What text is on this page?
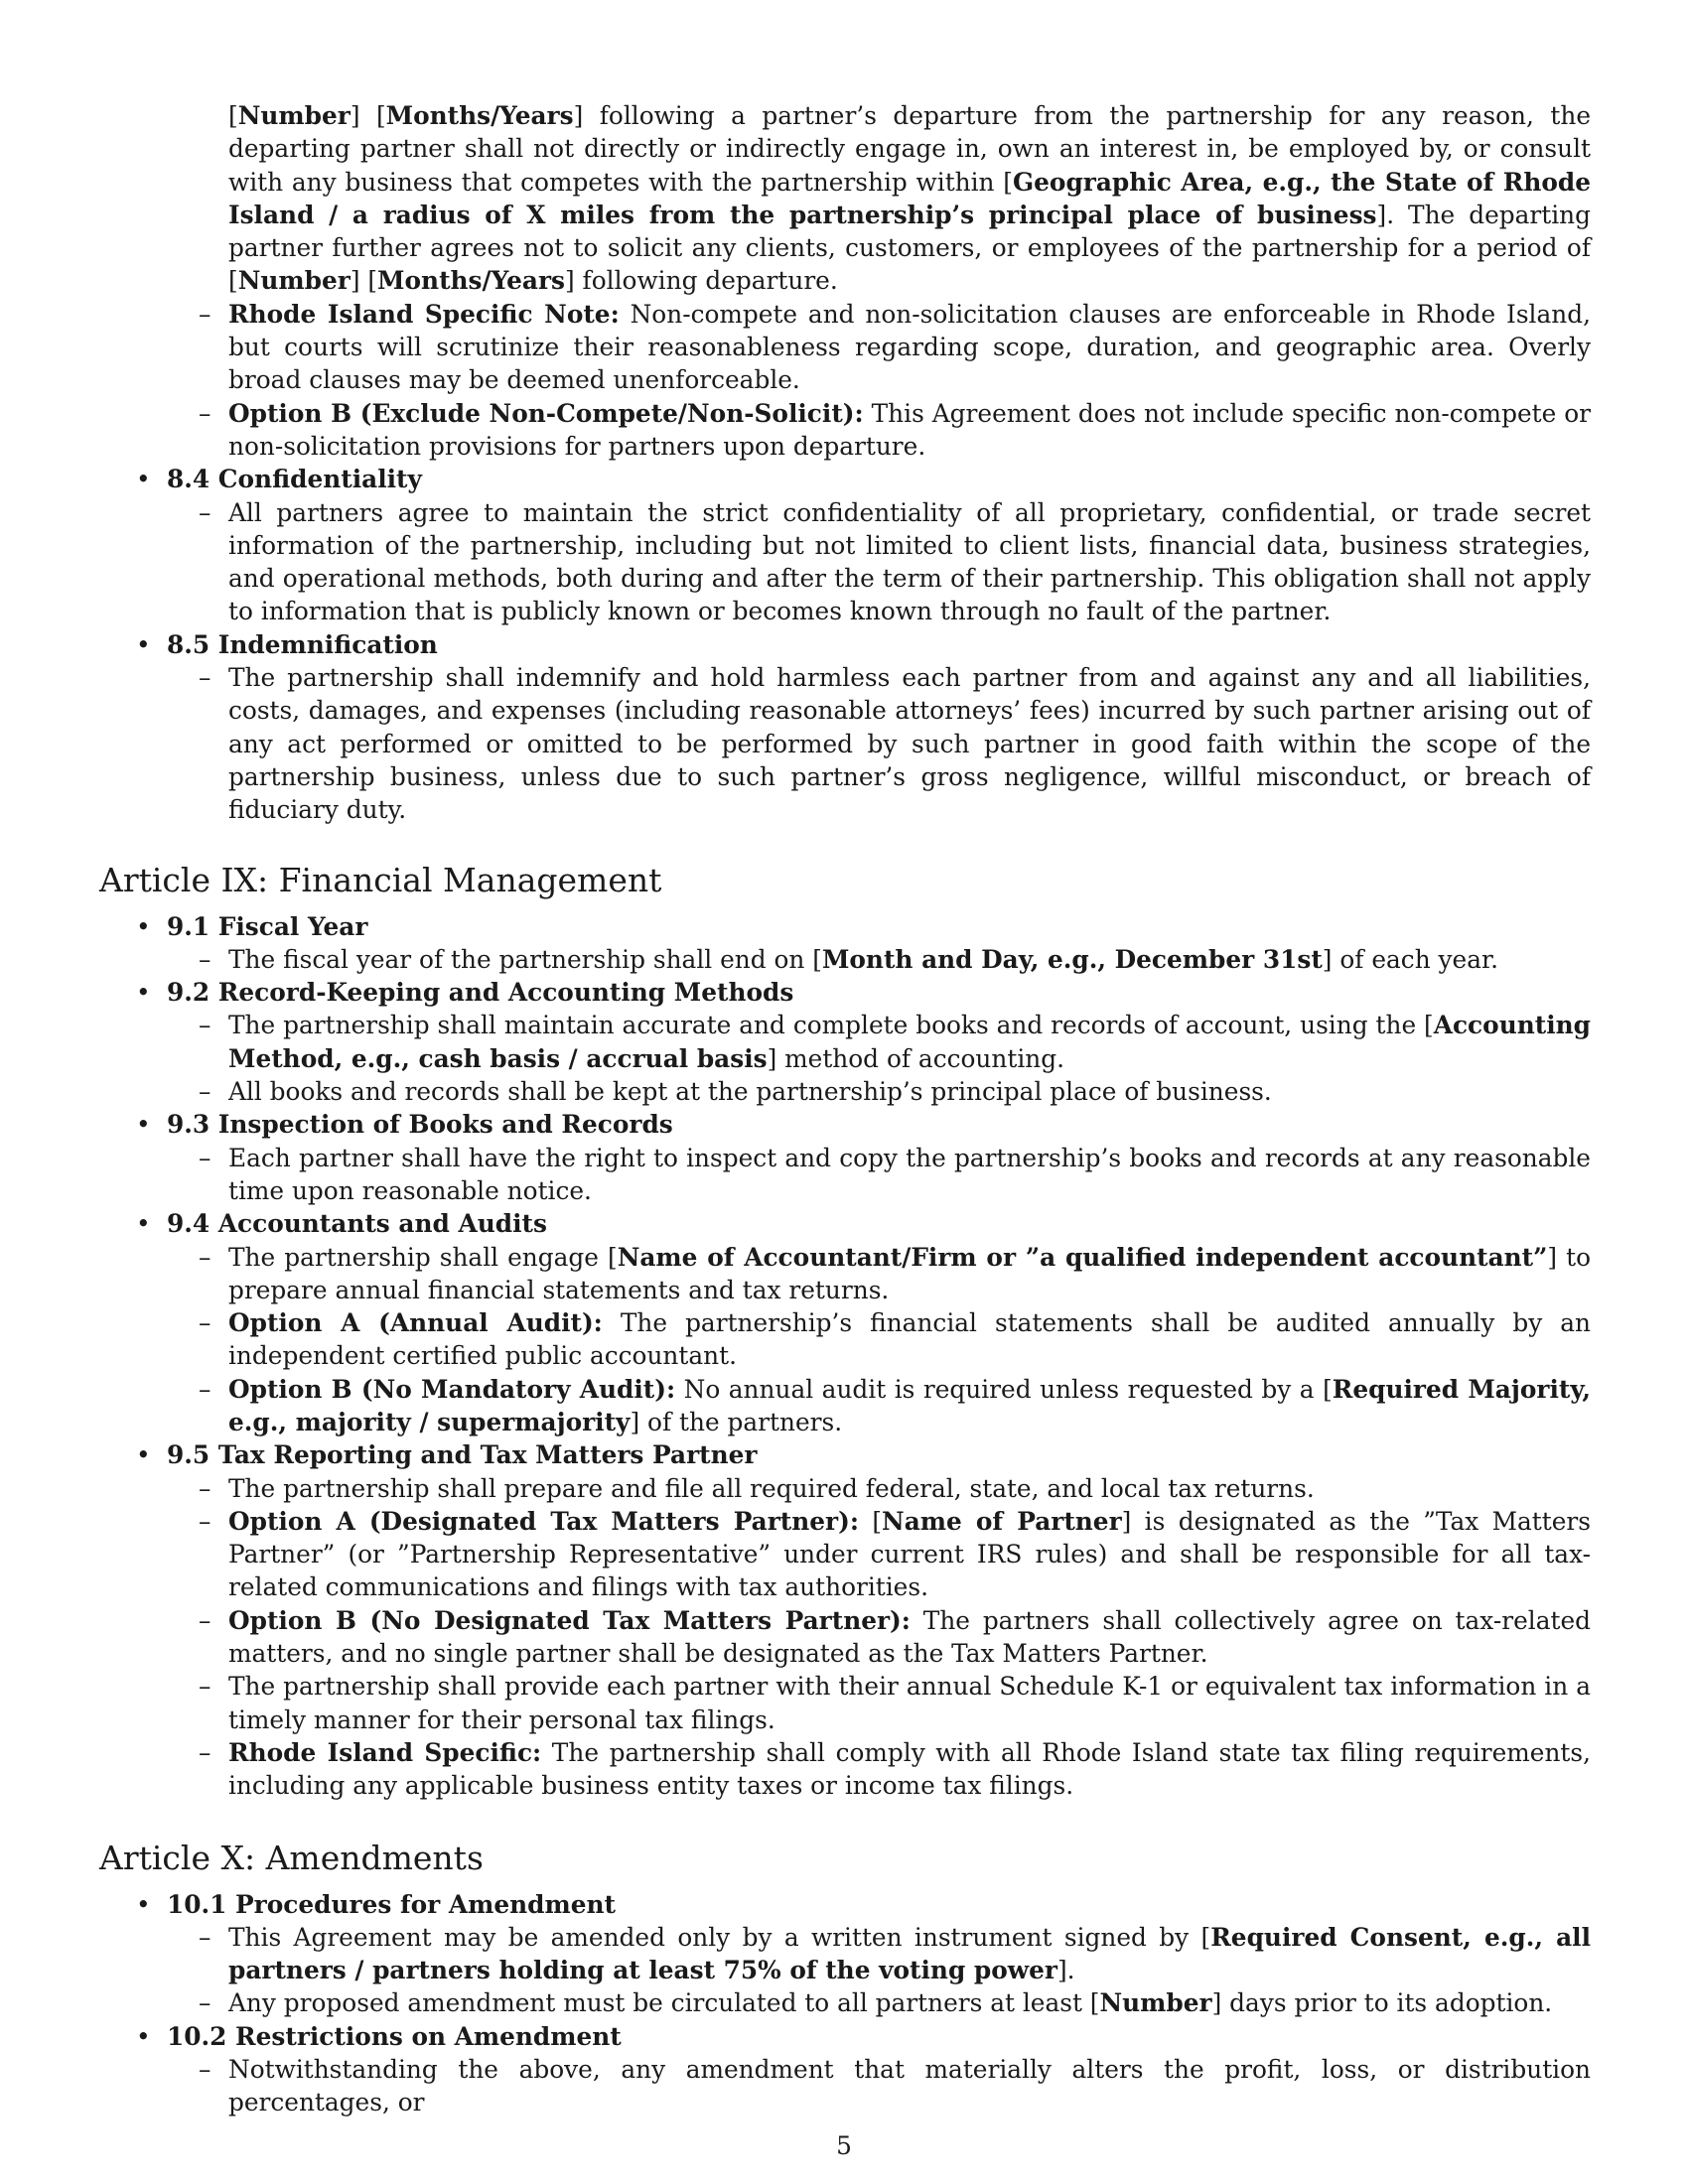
[Number] [Months/Years] following a partner’s departure from the partnership for any reason, the departing partner shall not directly or indirectly engage in, own an interest in, be employed by, or consult with any business that competes with the partnership within [Geographic Area, e.g., the State of Rhode Island / a radius of X miles from the partnership’s principal place of business]. The departing partner further agrees not to solicit any clients, customers, or employees of the partnership for a period of [Number] [Months/Years] following departure.
– Rhode Island Specific Note: Non-compete and non-solicitation clauses are enforceable in Rhode Island, but courts will scrutinize their reasonableness regarding scope, duration, and geographic area. Overly broad clauses may be deemed unenforceable.
– Option B (Exclude Non-Compete/Non-Solicit): This Agreement does not include specific non-compete or non-solicitation provisions for partners upon departure.
• 8.4 Confidentiality
– All partners agree to maintain the strict confidentiality of all proprietary, confidential, or trade secret information of the partnership, including but not limited to client lists, financial data, business strategies, and operational methods, both during and after the term of their partnership. This obligation shall not apply to information that is publicly known or becomes known through no fault of the partner.
• 8.5 Indemnification
– The partnership shall indemnify and hold harmless each partner from and against any and all liabilities, costs, damages, and expenses (including reasonable attorneys’ fees) incurred by such partner arising out of any act performed or omitted to be performed by such partner in good faith within the scope of the partnership business, unless due to such partner’s gross negligence, willful misconduct, or breach of fiduciary duty.
Article IX: Financial Management
• 9.1 Fiscal Year
– The fiscal year of the partnership shall end on [Month and Day, e.g., December 31st] of each year.
• 9.2 Record-Keeping and Accounting Methods
– The partnership shall maintain accurate and complete books and records of account, using the [Accounting Method, e.g., cash basis / accrual basis] method of accounting.
– All books and records shall be kept at the partnership’s principal place of business.
• 9.3 Inspection of Books and Records
– Each partner shall have the right to inspect and copy the partnership’s books and records at any reasonable time upon reasonable notice.
• 9.4 Accountants and Audits
– The partnership shall engage [Name of Accountant/Firm or ”a qualified independent accountant”] to prepare annual financial statements and tax returns.
– Option A (Annual Audit): The partnership’s financial statements shall be audited annually by an independent certified public accountant.
– Option B (No Mandatory Audit): No annual audit is required unless requested by a [Required Majority, e.g., majority / supermajority] of the partners.
• 9.5 Tax Reporting and Tax Matters Partner
– The partnership shall prepare and file all required federal, state, and local tax returns.
– Option A (Designated Tax Matters Partner): [Name of Partner] is designated as the ”Tax Matters Partner” (or ”Partnership Representative” under current IRS rules) and shall be responsible for all tax-related communications and filings with tax authorities.
– Option B (No Designated Tax Matters Partner): The partners shall collectively agree on tax-related matters, and no single partner shall be designated as the Tax Matters Partner.
– The partnership shall provide each partner with their annual Schedule K-1 or equivalent tax information in a timely manner for their personal tax filings.
– Rhode Island Specific: The partnership shall comply with all Rhode Island state tax filing requirements, including any applicable business entity taxes or income tax filings.
Article X: Amendments
• 10.1 Procedures for Amendment
– This Agreement may be amended only by a written instrument signed by [Required Consent, e.g., all partners / partners holding at least 75% of the voting power].
– Any proposed amendment must be circulated to all partners at least [Number] days prior to its adoption.
• 10.2 Restrictions on Amendment
– Notwithstanding the above, any amendment that materially alters the profit, loss, or distribution percentages, or
5
